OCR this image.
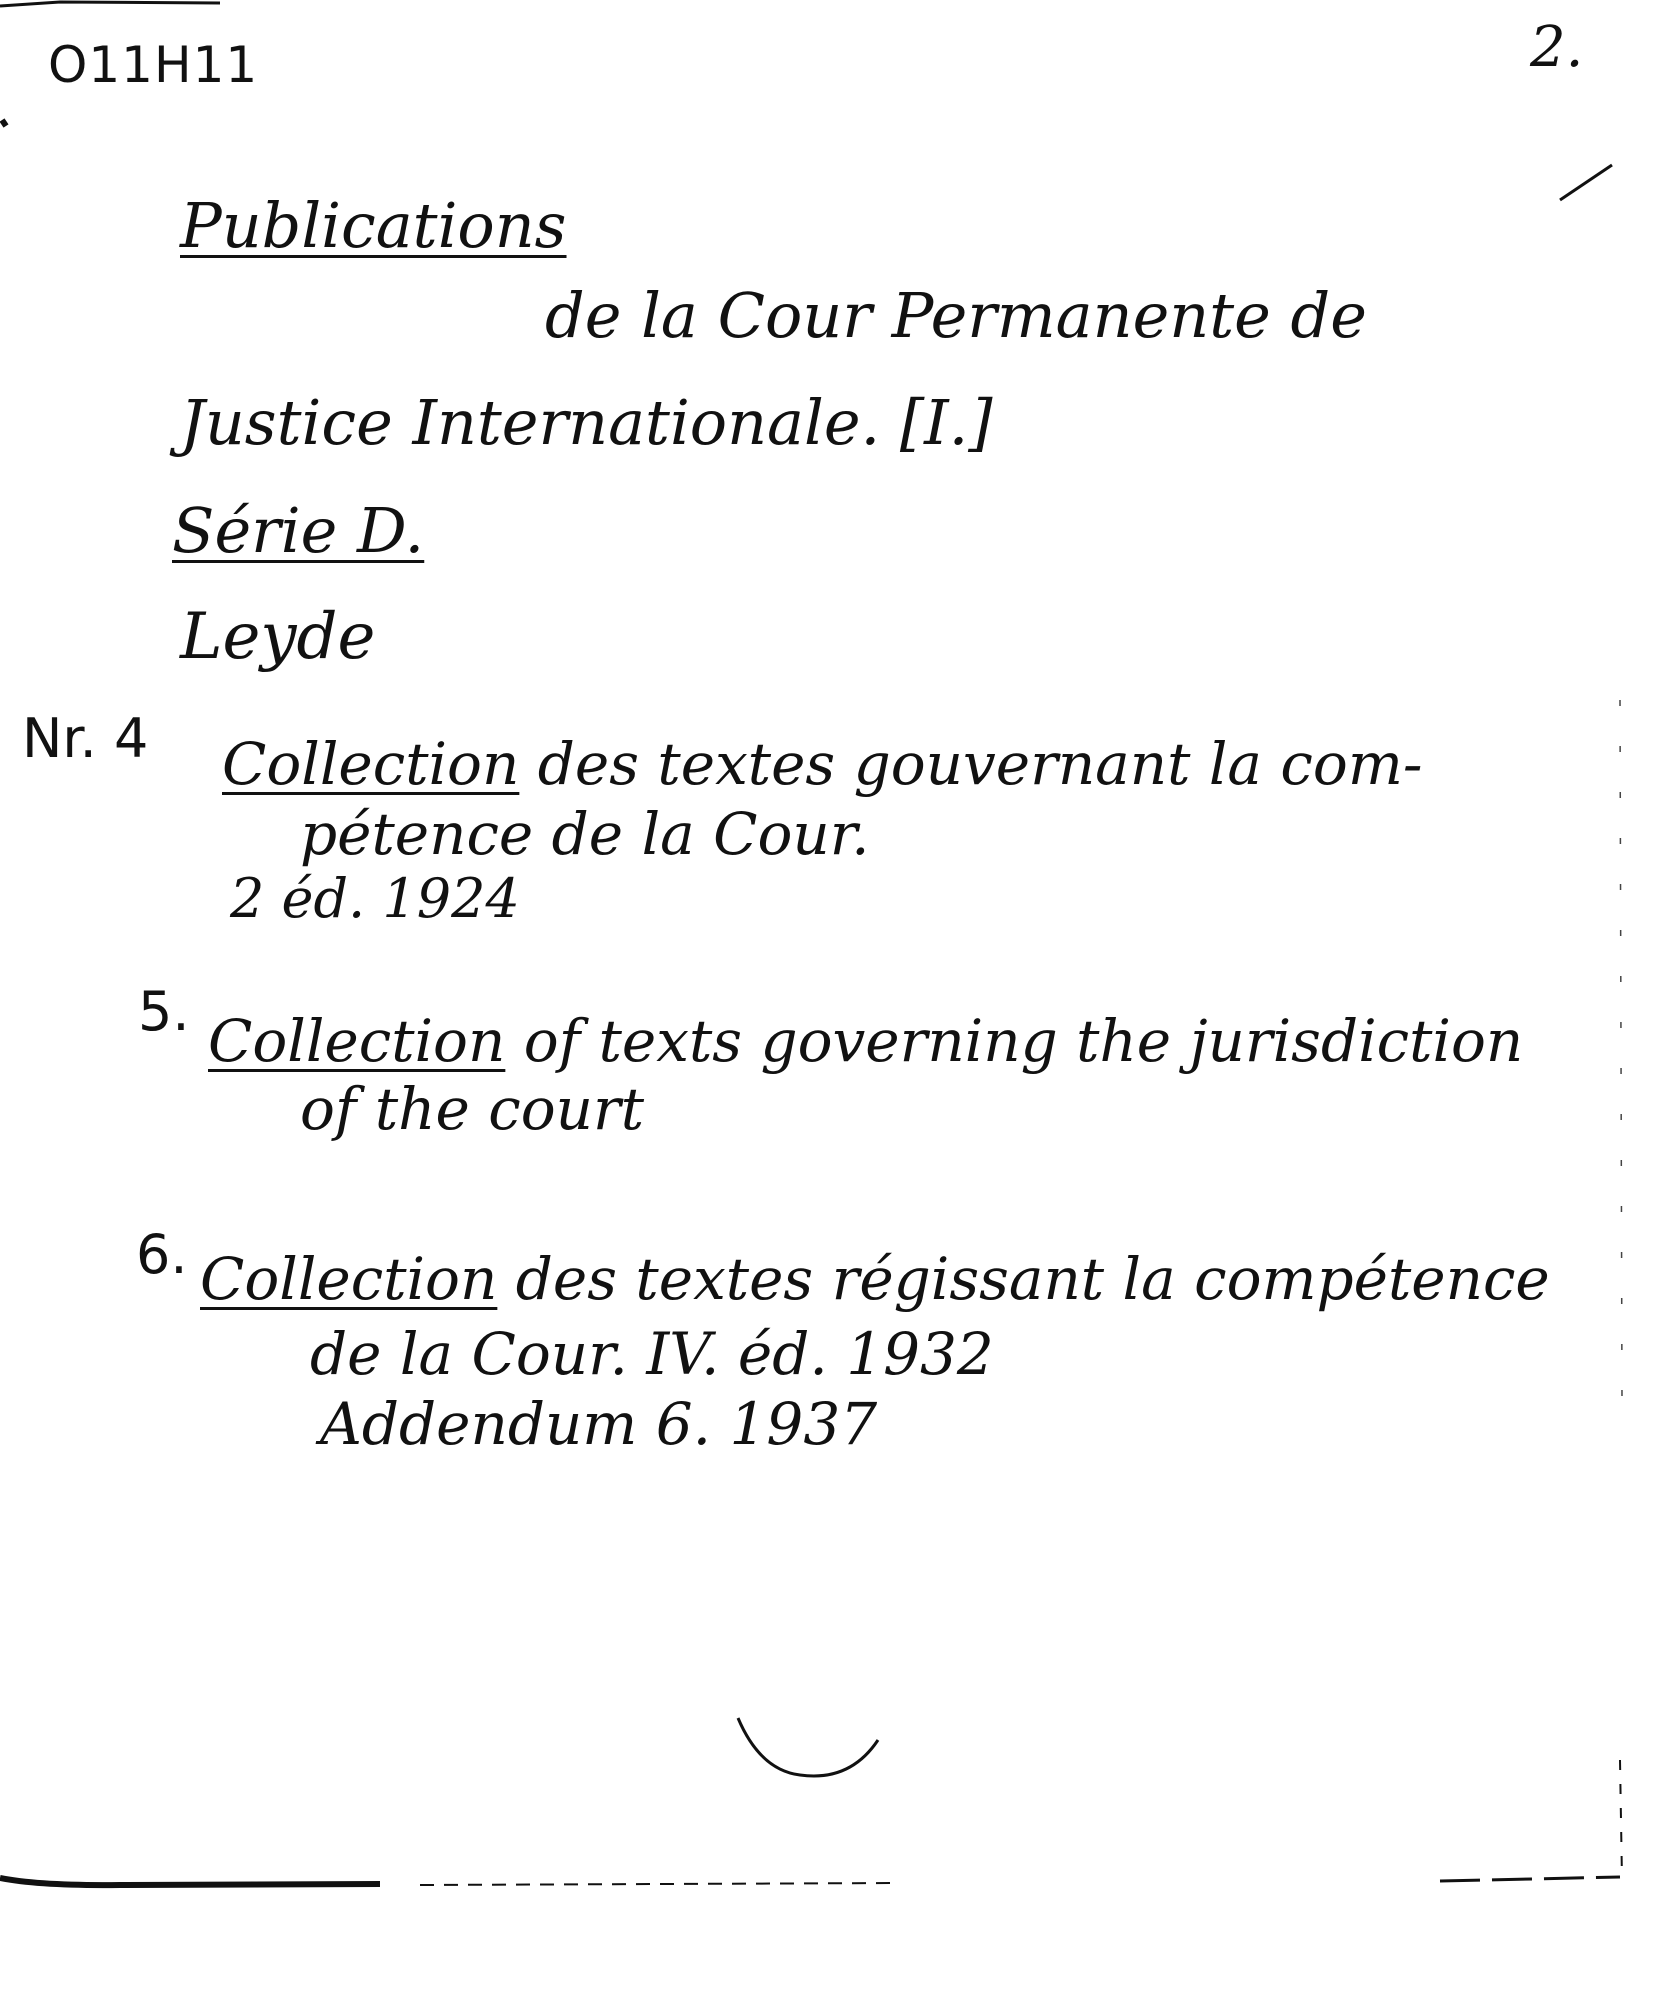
O11H11	2.
Publications
de la Cour Permanente de
Justice Internationale. [I.]
Série D.
Leyde
Nr. 4 Collection des textes gouvernant la com-
pétence de la Cour.
2 éd. 1924
5. Collection of texts governing the jurisdiction
of the court
6. Collection des textes régissant la compétence
de la Cour. IV. éd. 1932
Addendum 6. 1937
